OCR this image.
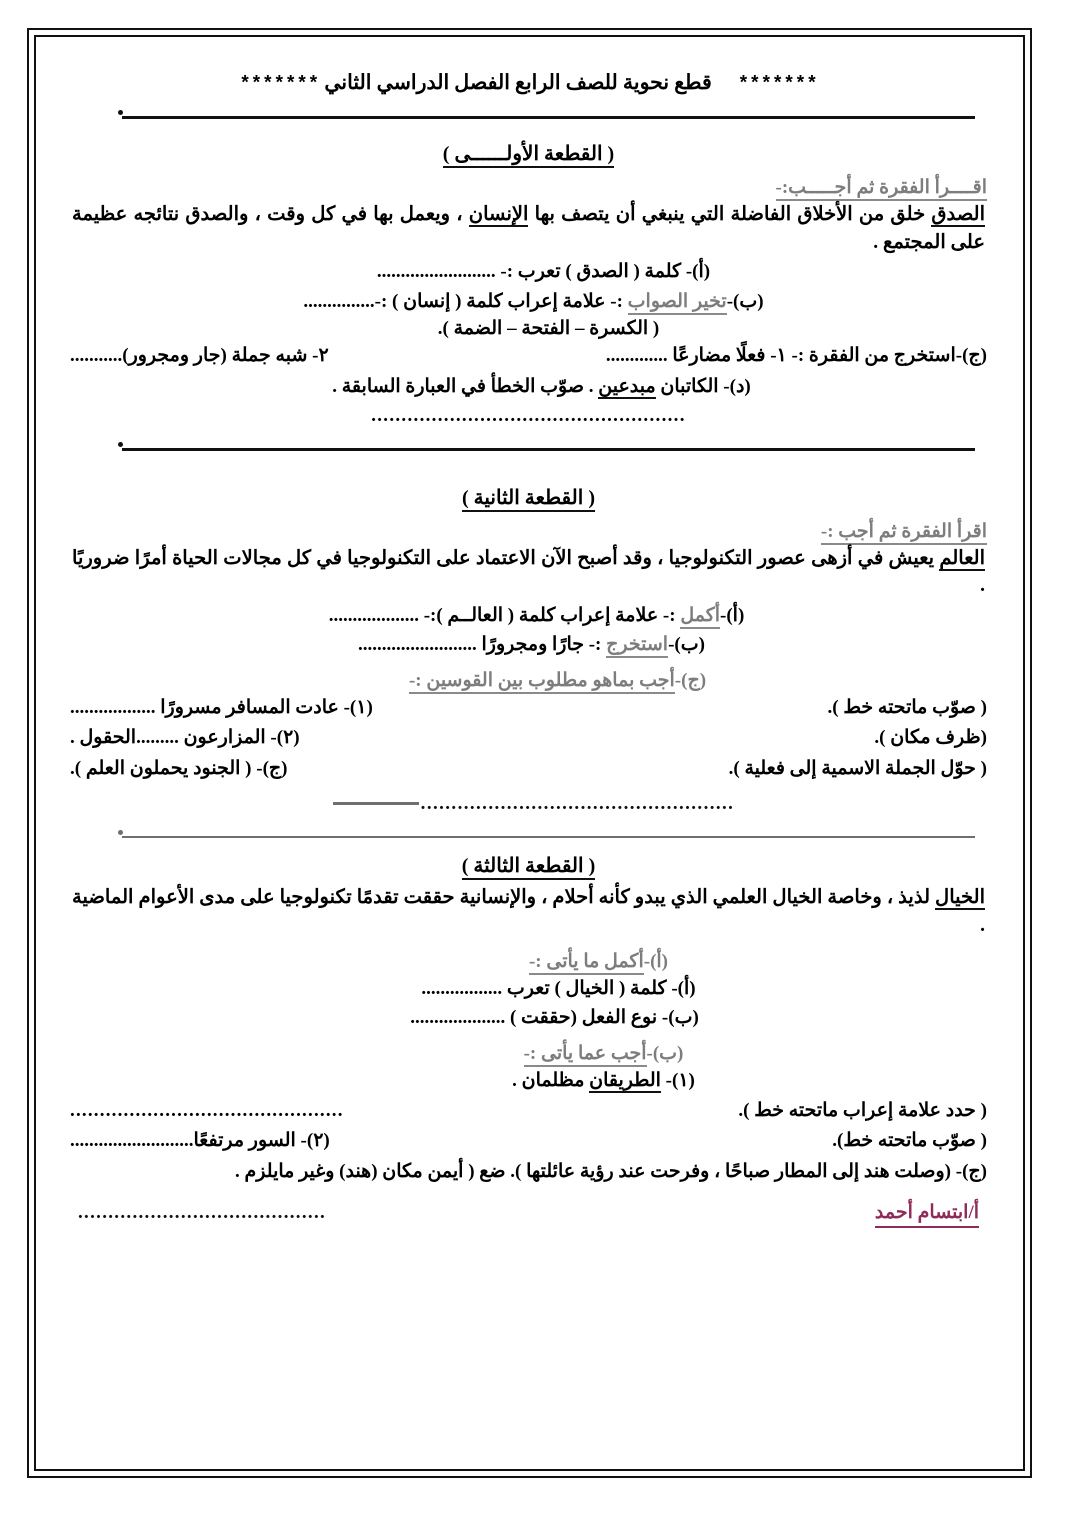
*******قطع نحوية للصف الرابع الفصل الدراسي الثاني *******
( القطعة الأولــــــى )
اقــــرأ الفقرة ثم أجـــــب:-
الصدق خلق من الأخلاق الفاضلة التي ينبغي أن يتصف بها الإنسان ، ويعمل بها في كل وقت ، والصدق نتائجه عظيمة على المجتمع .
(أ)- كلمة ( الصدق ) تعرب :- .........................
(ب)-تخير الصواب :- علامة إعراب كلمة ( إنسان ) :-...............
( الكسرة – الفتحة – الضمة ).
(ج)-استخرج من الفقرة :- ١- فعلًا مضارعًا .............
٢- شبه جملة (جار ومجرور)...........
(د)- الكاتبان مبدعين . صوّب الخطأ في العبارة السابقة .
....................................................
( القطعة الثانية )
اقرأ الفقرة ثم أجب :-
العالم يعيش في أزهى عصور التكنولوجيا ، وقد أصبح الآن الاعتماد على التكنولوجيا في كل مجالات الحياة أمرًا ضروريًا .
(أ)-أكمل :- علامة إعراب كلمة ( العالــم ):- ...................
(ب)-استخرج :- جارًا ومجرورًا .........................
(ج)-أجب بماهو مطلوب بين القوسين :-
( صوّب ماتحته خط ).
(١)- عادت المسافر مسرورًا ..................
(ظرف مكان ).
(٢)- المزارعون .........الحقول .
( حوّل الجملة الاسمية إلى فعلية ).
(ج)- ( الجنود يحملون العلم ).
...................................................
( القطعة الثالثة )
الخيال لذيذ ، وخاصة الخيال العلمي الذي يبدو كأنه أحلام ، والإنسانية حققت تقدمًا تكنولوجيا على مدى الأعوام الماضية .
(أ)-أكمل ما يأتى :-
(أ)- كلمة ( الخيال ) تعرب .................
(ب)- نوع الفعل (حققت ) ....................
(ب)-أجب عما يأتى :-
(١)- الطريقان مظلمان .
( حدد علامة إعراب ماتحته خط ).
..............................................
( صوّب ماتحته خط).
(٢)- السور مرتفعًا..........................
(ج)- (وصلت هند إلى المطار صباحًا ، وفرحت عند رؤية عائلتها ). ضع ( أيمن مكان (هند) وغير مايلزم .
أ/ابتسام أحمد
.........................................
